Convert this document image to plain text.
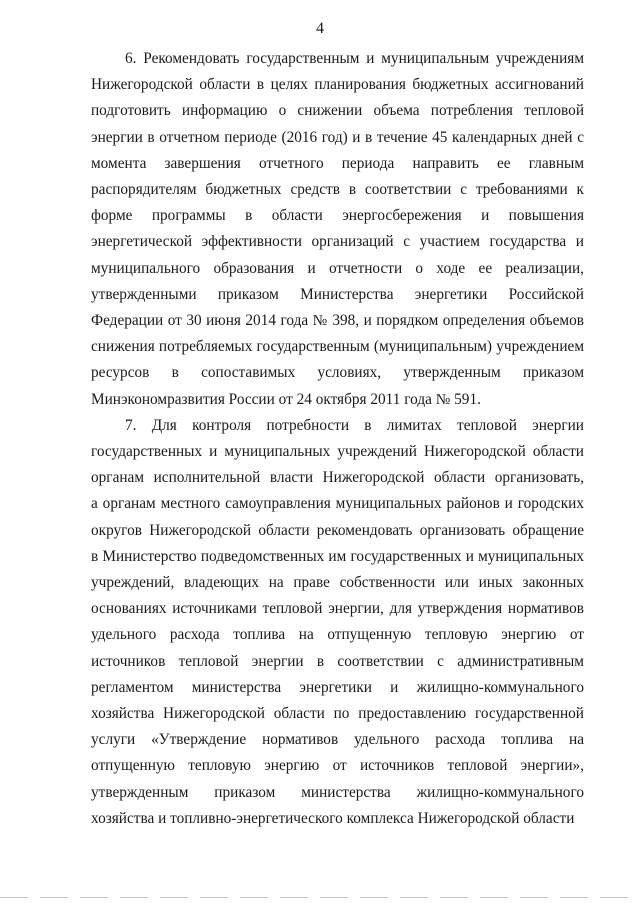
4
6. Рекомендовать государственным и муниципальным учреждениям
Нижегородской области в целях планирования бюджетных ассигнований
подготовить информацию о снижении объема потребления тепловой
энергии в отчетном периоде (2016 год) и в течение 45 календарных дней с
момента завершения отчетного периода направить ее главным
распорядителям бюджетных средств в соответствии с требованиями к
форме программы в области энергосбережения и повышения
энергетической эффективности организаций с участием государства и
муниципального образования и отчетности о ходе ее реализации,
утвержденными приказом Министерства энергетики Российской
Федерации от 30 июня 2014 года № 398, и порядком определения объемов
снижения потребляемых государственным (муниципальным) учреждением
ресурсов в сопоставимых условиях, утвержденным приказом
Минэкономразвития России от 24 октября 2011 года № 591.
7. Для контроля потребности в лимитах тепловой энергии
государственных и муниципальных учреждений Нижегородской области
органам исполнительной власти Нижегородской области организовать,
а органам местного самоуправления муниципальных районов и городских
округов Нижегородской области рекомендовать организовать обращение
в Министерство подведомственных им государственных и муниципальных
учреждений, владеющих на праве собственности или иных законных
основаниях источниками тепловой энергии, для утверждения нормативов
удельного расхода топлива на отпущенную тепловую энергию от
источников тепловой энергии в соответствии с административным
регламентом министерства энергетики и жилищно-коммунального
хозяйства Нижегородской области по предоставлению государственной
услуги «Утверждение нормативов удельного расхода топлива на
отпущенную тепловую энергию от источников тепловой энергии»,
утвержденным приказом министерства жилищно-коммунального
хозяйства и топливно-энергетического комплекса Нижегородской области
